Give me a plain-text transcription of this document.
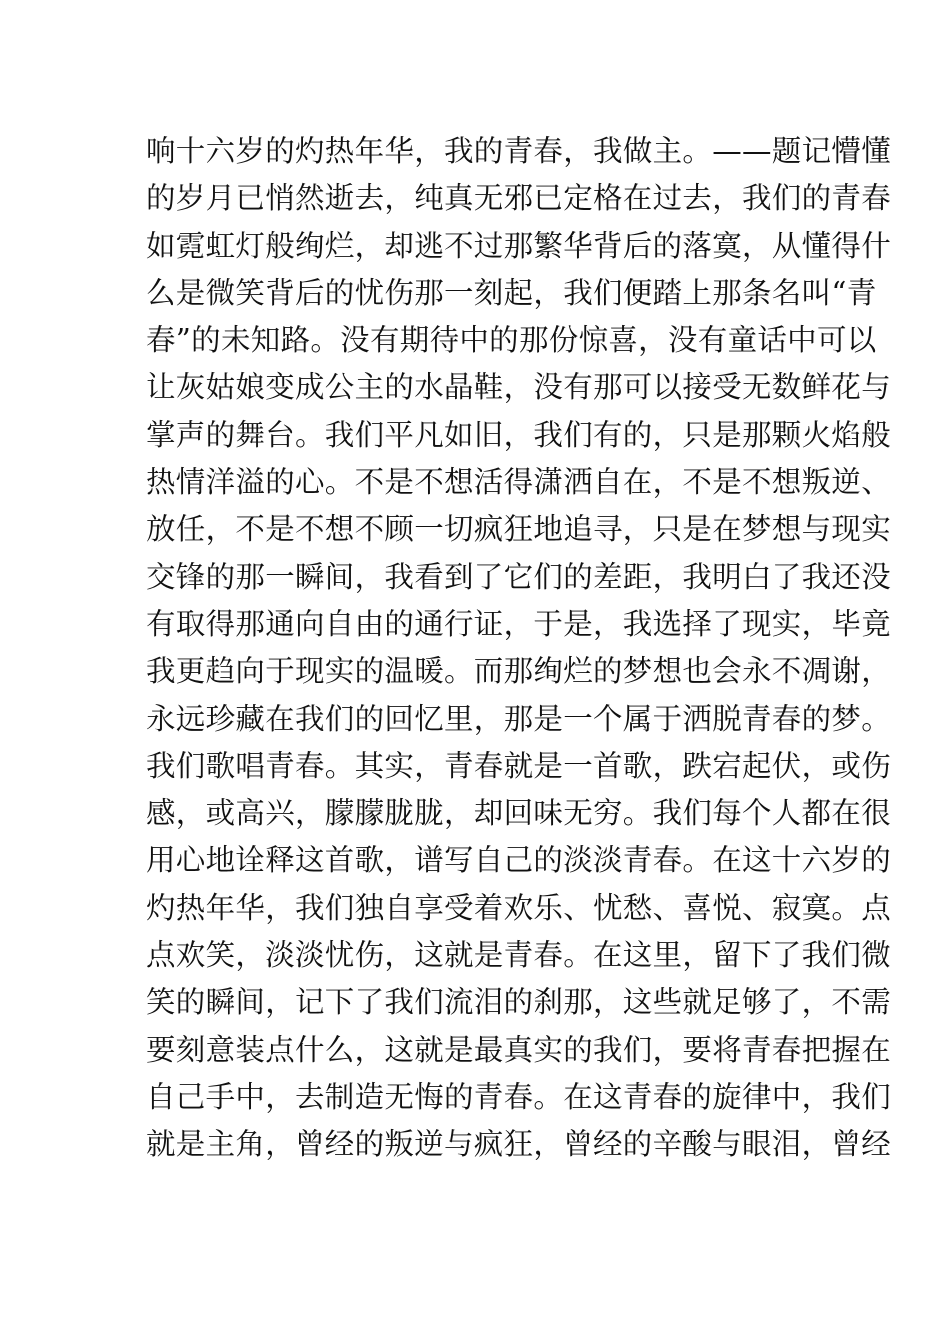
响十六岁的灼热年华，我的青春，我做主。——题记懵懂
的岁月已悄然逝去，纯真无邪已定格在过去，我们的青春
如霓虹灯般绚烂，却逃不过那繁华背后的落寞，从懂得什
么是微笑背后的忧伤那一刻起，我们便踏上那条名叫“青
春”的未知路。没有期待中的那份惊喜，没有童话中可以
让灰姑娘变成公主的水晶鞋，没有那可以接受无数鲜花与
掌声的舞台。我们平凡如旧，我们有的，只是那颗火焰般
热情洋溢的心。不是不想活得潇洒自在，不是不想叛逆、
放任，不是不想不顾一切疯狂地追寻，只是在梦想与现实
交锋的那一瞬间，我看到了它们的差距，我明白了我还没
有取得那通向自由的通行证，于是，我选择了现实，毕竟
我更趋向于现实的温暖。而那绚烂的梦想也会永不凋谢，
永远珍藏在我们的回忆里，那是一个属于洒脱青春的梦。
我们歌唱青春。其实，青春就是一首歌，跌宕起伏，或伤
感，或高兴，朦朦胧胧，却回味无穷。我们每个人都在很
用心地诠释这首歌，谱写自己的淡淡青春。在这十六岁的
灼热年华，我们独自享受着欢乐、忧愁、喜悦、寂寞。点
点欢笑，淡淡忧伤，这就是青春。在这里，留下了我们微
笑的瞬间，记下了我们流泪的刹那，这些就足够了，不需
要刻意装点什么，这就是最真实的我们，要将青春把握在
自己手中，去制造无悔的青春。在这青春的旋律中，我们
就是主角，曾经的叛逆与疯狂，曾经的辛酸与眼泪，曾经
